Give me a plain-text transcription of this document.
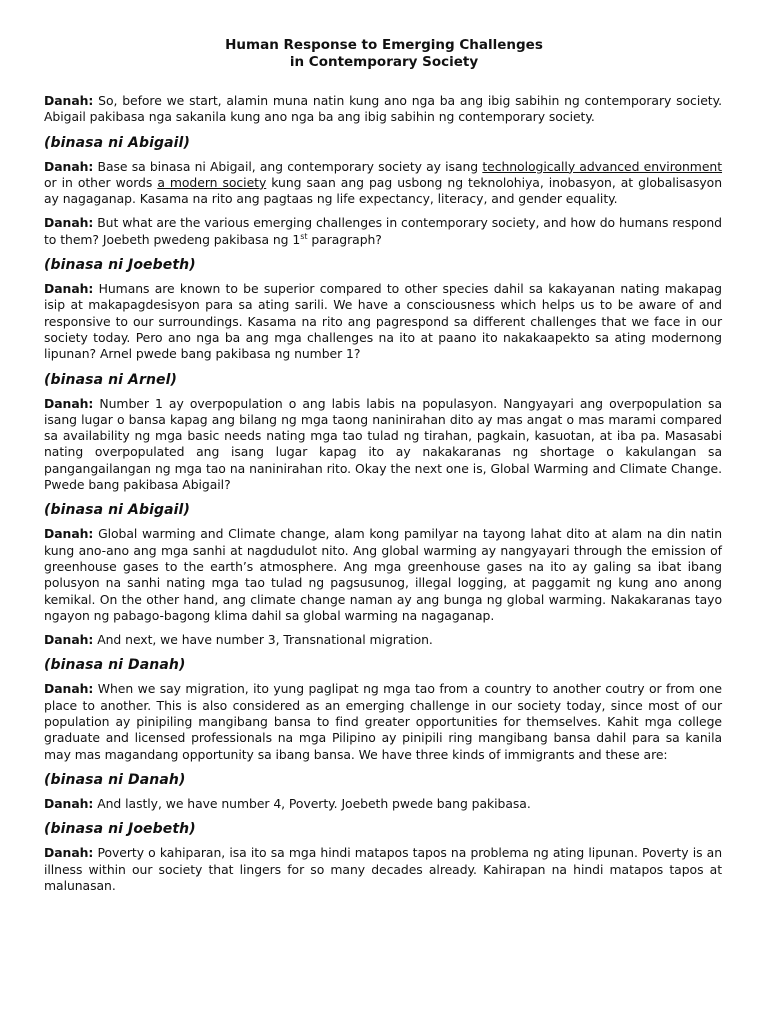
Human Response to Emerging Challenges
in Contemporary Society
Danah: So, before we start, alamin muna natin kung ano nga ba ang ibig sabihin ng contemporary society. Abigail pakibasa nga sakanila kung ano nga ba ang ibig sabihin ng contemporary society.
(binasa ni Abigail)
Danah: Base sa binasa ni Abigail, ang contemporary society ay isang technologically advanced environment or in other words a modern society kung saan ang pag usbong ng teknolohiya, inobasyon, at globalisasyon ay nagaganap. Kasama na rito ang pagtaas ng life expectancy, literacy, and gender equality.
Danah: But what are the various emerging challenges in contemporary society, and how do humans respond to them? Joebeth pwedeng pakibasa ng 1st paragraph?
(binasa ni Joebeth)
Danah: Humans are known to be superior compared to other species dahil sa kakayanan nating makapag isip at makapagdesisyon para sa ating sarili. We have a consciousness which helps us to be aware of and responsive to our surroundings. Kasama na rito ang pagrespond sa different challenges that we face in our society today. Pero ano nga ba ang mga challenges na ito at paano ito nakakaapekto sa ating modernong lipunan? Arnel pwede bang pakibasa ng number 1?
(binasa ni Arnel)
Danah: Number 1 ay overpopulation o ang labis labis na populasyon. Nangyayari ang overpopulation sa isang lugar o bansa kapag ang bilang ng mga taong naninirahan dito ay mas angat o mas marami compared sa availability ng mga basic needs nating mga tao tulad ng tirahan, pagkain, kasuotan, at iba pa. Masasabi nating overpopulated ang isang lugar kapag ito ay nakakaranas ng shortage o kakulangan sa pangangailangan ng mga tao na naninirahan rito. Okay the next one is, Global Warming and Climate Change. Pwede bang pakibasa Abigail?
(binasa ni Abigail)
Danah: Global warming and Climate change, alam kong pamilyar na tayong lahat dito at alam na din natin kung ano-ano ang mga sanhi at nagdudulot nito. Ang global warming ay nangyayari through the emission of greenhouse gases to the earth’s atmosphere. Ang mga greenhouse gases na ito ay galing sa ibat ibang polusyon na sanhi nating mga tao tulad ng pagsusunog, illegal logging, at paggamit ng kung ano anong kemikal. On the other hand, ang climate change naman ay ang bunga ng global warming. Nakakaranas tayo ngayon ng pabago-bagong klima dahil sa global warming na nagaganap.
Danah: And next, we have number 3, Transnational migration.
(binasa ni Danah)
Danah: When we say migration, ito yung paglipat ng mga tao from a country to another coutry or from one place to another. This is also considered as an emerging challenge in our society today, since most of our population ay pinipiling mangibang bansa to find greater opportunities for themselves. Kahit mga college graduate and licensed professionals na mga Pilipino ay pinipili ring mangibang bansa dahil para sa kanila may mas magandang opportunity sa ibang bansa. We have three kinds of immigrants and these are:
(binasa ni Danah)
Danah: And lastly, we have number 4, Poverty. Joebeth pwede bang pakibasa.
(binasa ni Joebeth)
Danah: Poverty o kahiparan, isa ito sa mga hindi matapos tapos na problema ng ating lipunan. Poverty is an illness within our society that lingers for so many decades already. Kahirapan na hindi matapos tapos at malunasan.
